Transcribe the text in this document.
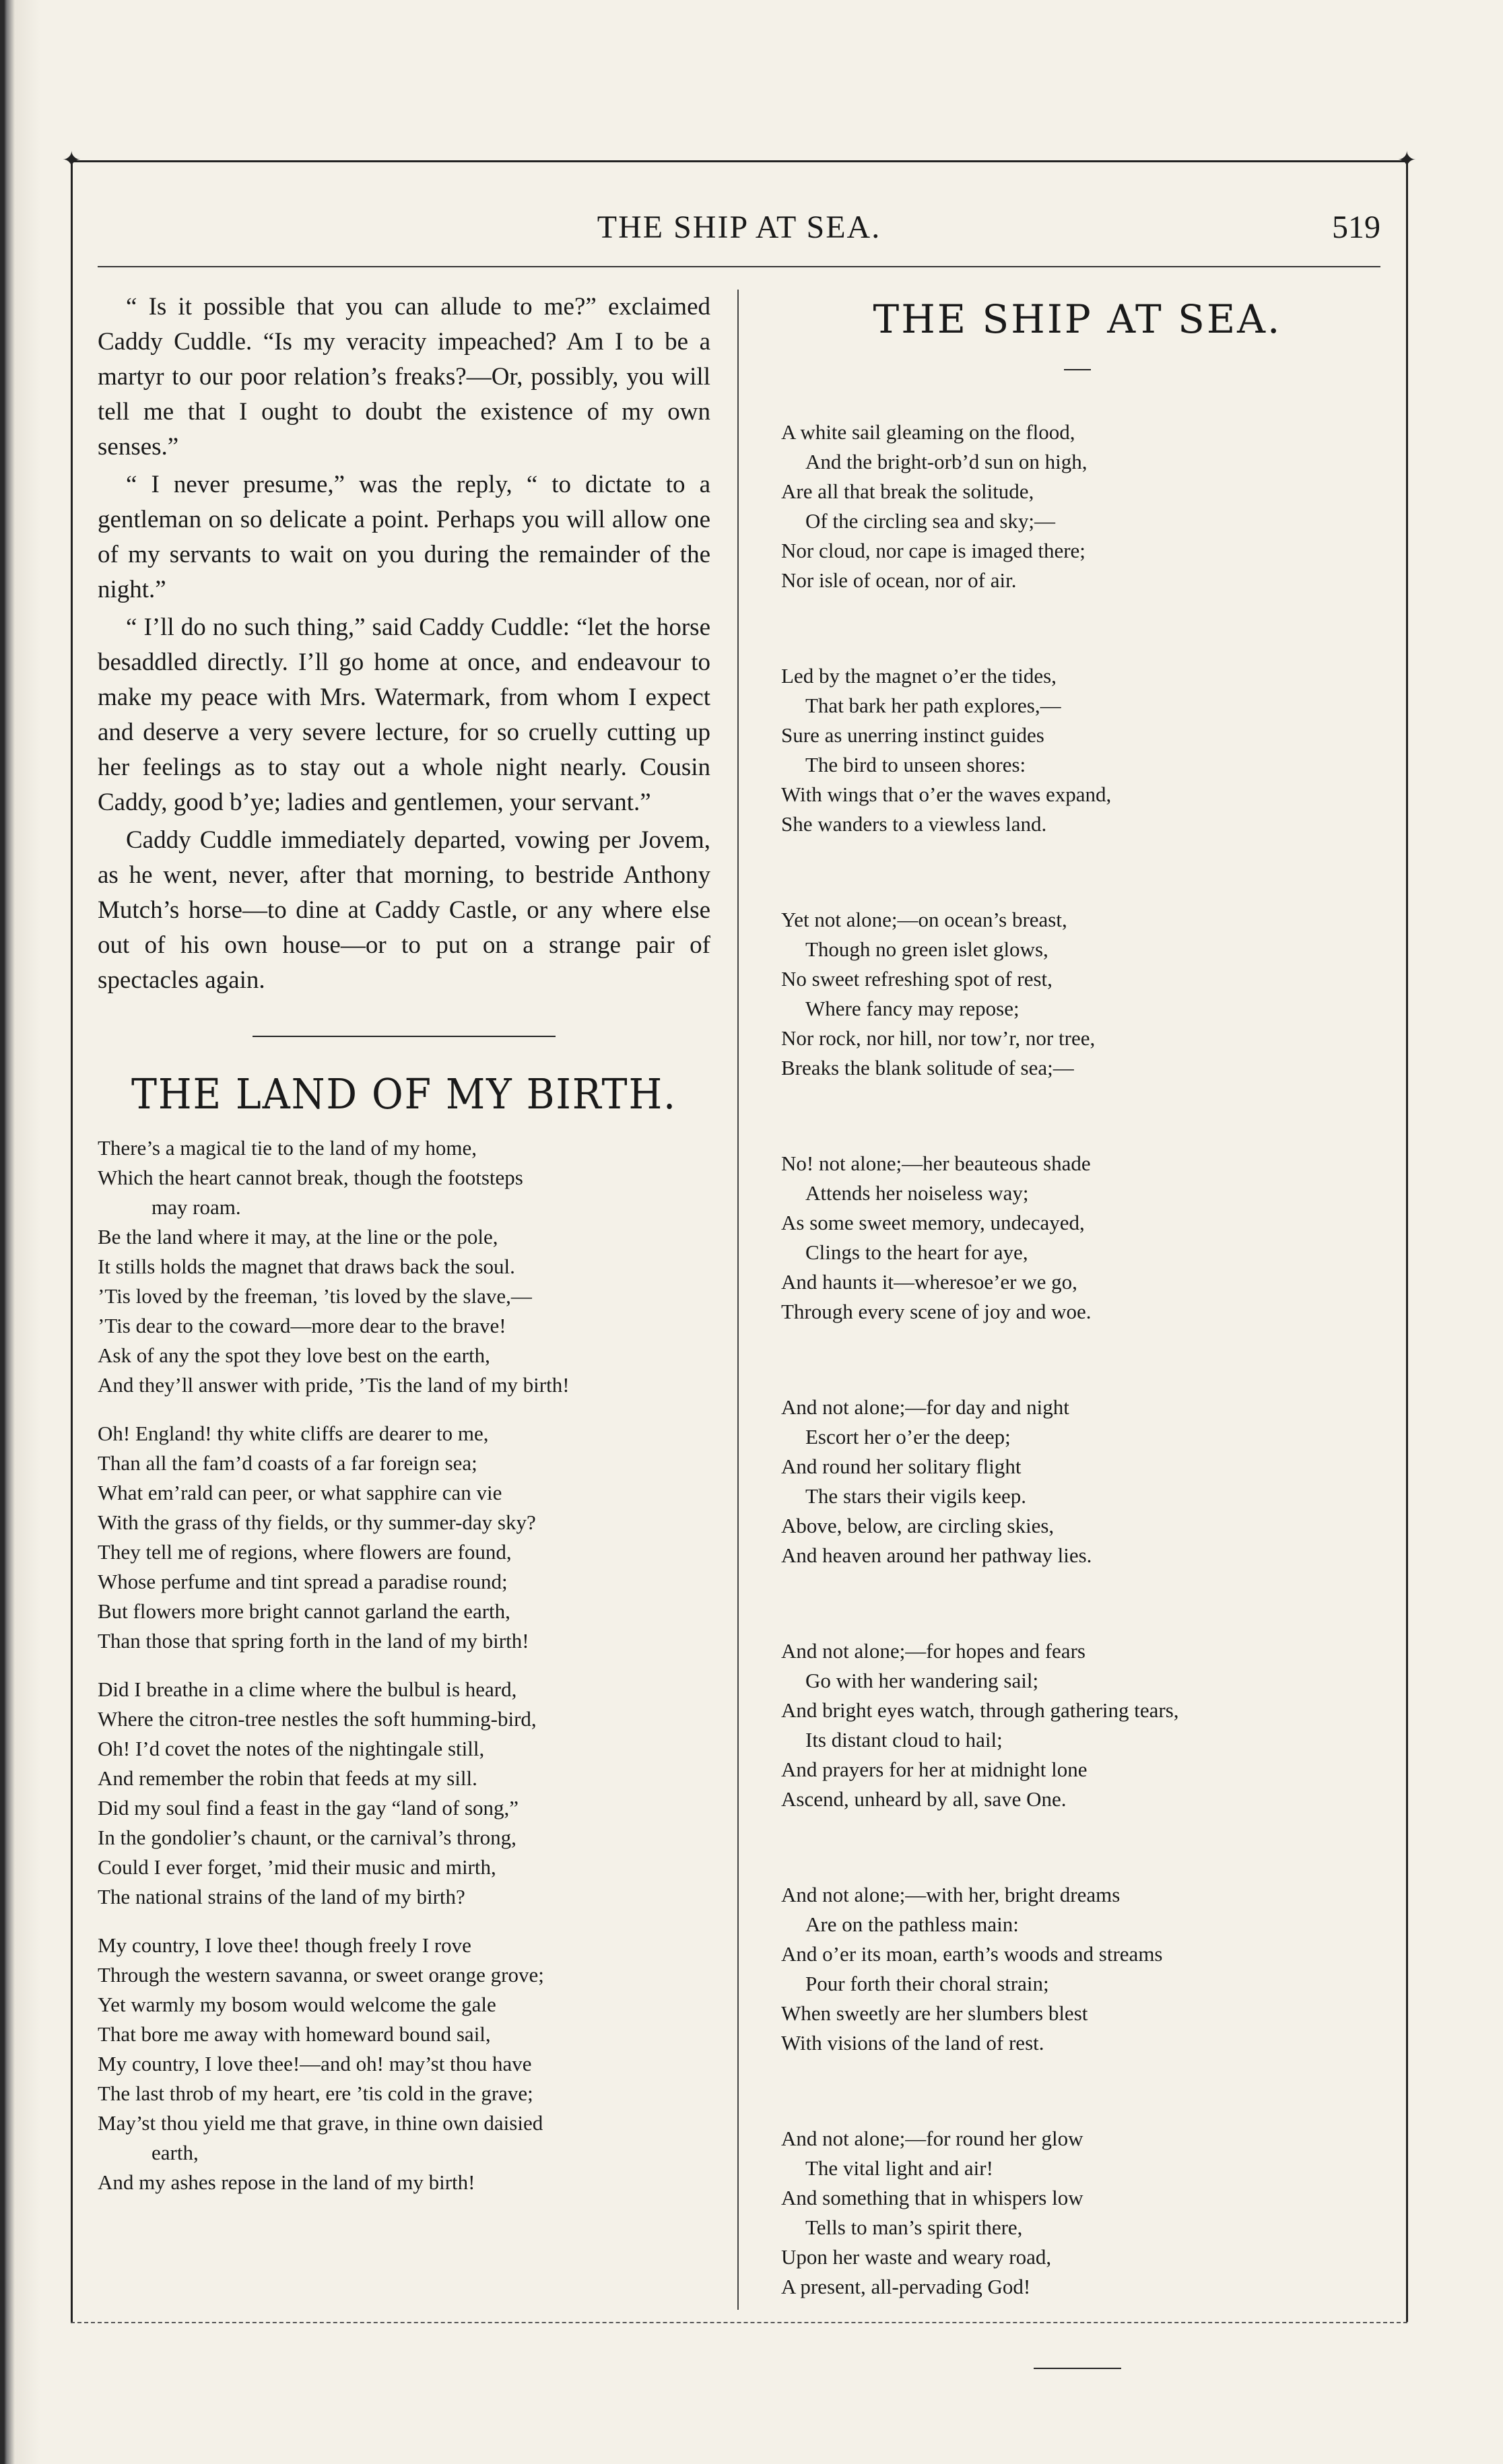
✦	✦
THE SHIP AT SEA.	519

“ Is it possible that you can allude to me?” exclaimed Caddy Cuddle. “Is my veracity impeached? Am I to be a martyr to our poor relation’s freaks?—Or, possibly, you will tell me that I ought to doubt the existence of my own senses.”

“ I never presume,” was the reply, “ to dictate to a gentleman on so delicate a point. Perhaps you will allow one of my servants to wait on you during the remainder of the night.”

“ I’ll do no such thing,” said Caddy Cuddle: “let the horse besaddled directly. I’ll go home at once, and endeavour to make my peace with Mrs. Watermark, from whom I expect and deserve a very severe lecture, for so cruelly cutting up her feelings as to stay out a whole night nearly. Cousin Caddy, good b’ye; ladies and gentlemen, your servant.”

Caddy Cuddle immediately departed, vowing per Jovem, as he went, never, after that morning, to bestride Anthony Mutch’s horse—to dine at Caddy Castle, or any where else out of his own house—or to put on a strange pair of spectacles again.

THE LAND OF MY BIRTH.
There’s a magical tie to the land of my home,
Which the heart cannot break, though the footsteps
may roam.
Be the land where it may, at the line or the pole,
It stills holds the magnet that draws back the soul.
’Tis loved by the freeman, ’tis loved by the slave,—
’Tis dear to the coward—more dear to the brave!
Ask of any the spot they love best on the earth,
And they’ll answer with pride, ’Tis the land of my birth!
Oh! England! thy white cliffs are dearer to me,
Than all the fam’d coasts of a far foreign sea;
What em’rald can peer, or what sapphire can vie
With the grass of thy fields, or thy summer-day sky?
They tell me of regions, where flowers are found,
Whose perfume and tint spread a paradise round;
But flowers more bright cannot garland the earth,
Than those that spring forth in the land of my birth!
Did I breathe in a clime where the bulbul is heard,
Where the citron-tree nestles the soft humming-bird,
Oh! I’d covet the notes of the nightingale still,
And remember the robin that feeds at my sill.
Did my soul find a feast in the gay “land of song,”
In the gondolier’s chaunt, or the carnival’s throng,
Could I ever forget, ’mid their music and mirth,
The national strains of the land of my birth?
My country, I love thee! though freely I rove
Through the western savanna, or sweet orange grove;
Yet warmly my bosom would welcome the gale
That bore me away with homeward bound sail,
My country, I love thee!—and oh! may’st thou have
The last throb of my heart, ere ’tis cold in the grave;
May’st thou yield me that grave, in thine own daisied
earth,
And my ashes repose in the land of my birth!
THE SHIP AT SEA.
A white sail gleaming on the flood,
And the bright-orb’d sun on high,
Are all that break the solitude,
Of the circling sea and sky;—
Nor cloud, nor cape is imaged there;
Nor isle of ocean, nor of air.
Led by the magnet o’er the tides,
That bark her path explores,—
Sure as unerring instinct guides
The bird to unseen shores:
With wings that o’er the waves expand,
She wanders to a viewless land.
Yet not alone;—on ocean’s breast,
Though no green islet glows,
No sweet refreshing spot of rest,
Where fancy may repose;
Nor rock, nor hill, nor tow’r, nor tree,
Breaks the blank solitude of sea;—
No! not alone;—her beauteous shade
Attends her noiseless way;
As some sweet memory, undecayed,
Clings to the heart for aye,
And haunts it—wheresoe’er we go,
Through every scene of joy and woe.
And not alone;—for day and night
Escort her o’er the deep;
And round her solitary flight
The stars their vigils keep.
Above, below, are circling skies,
And heaven around her pathway lies.
And not alone;—for hopes and fears
Go with her wandering sail;
And bright eyes watch, through gathering tears,
Its distant cloud to hail;
And prayers for her at midnight lone
Ascend, unheard by all, save One.
And not alone;—with her, bright dreams
Are on the pathless main:
And o’er its moan, earth’s woods and streams
Pour forth their choral strain;
When sweetly are her slumbers blest
With visions of the land of rest.
And not alone;—for round her glow
The vital light and air!
And something that in whispers low
Tells to man’s spirit there,
Upon her waste and weary road,
A present, all-pervading God!
